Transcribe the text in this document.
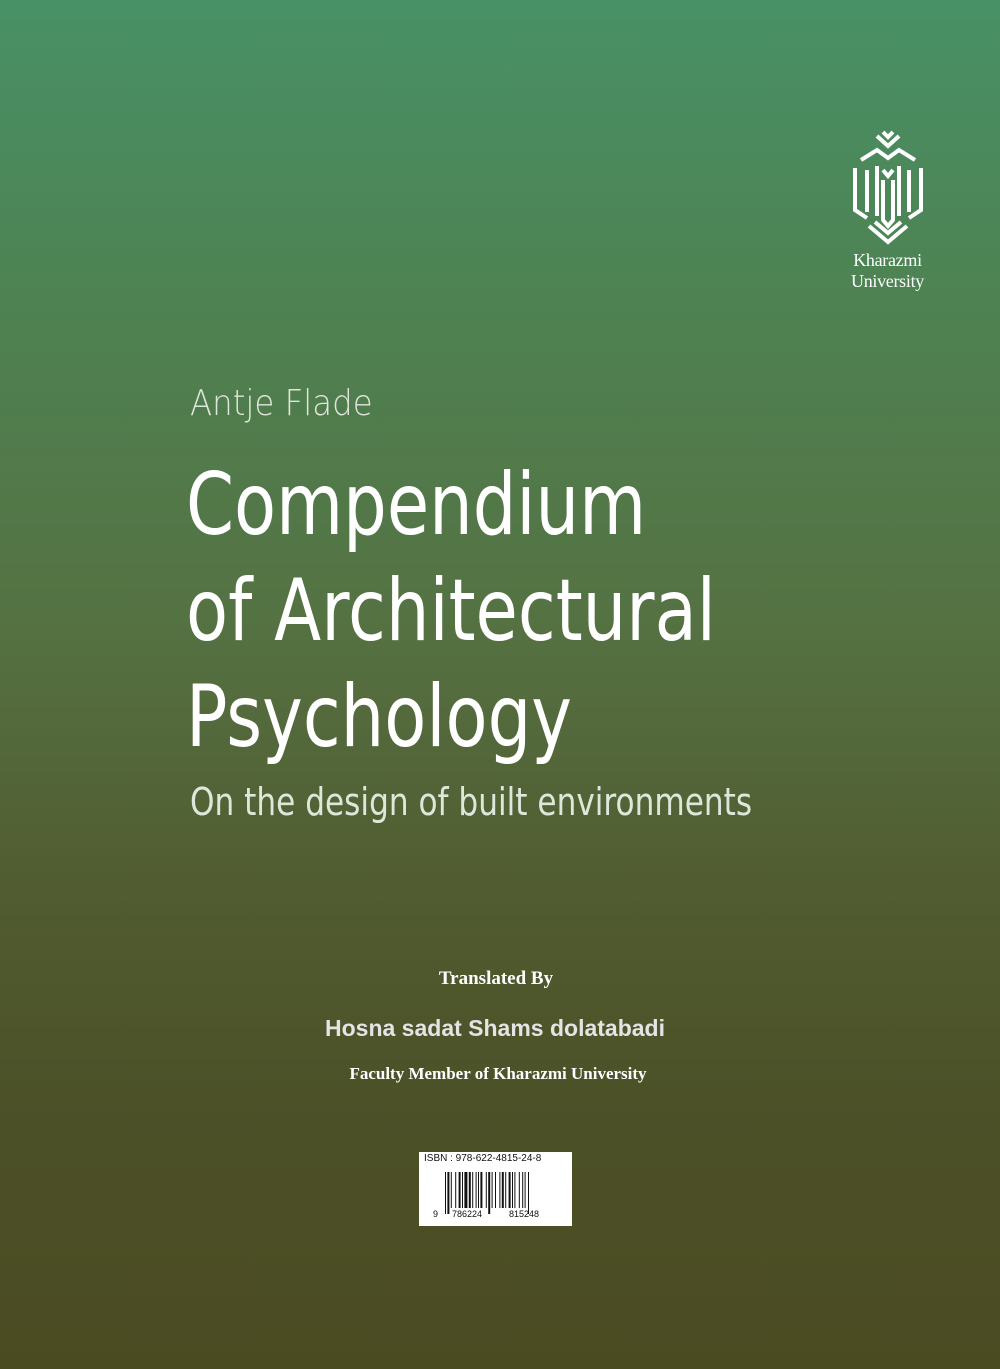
Kharazmi University
Antje Flade
Compendium
of Architectural
Psychology
On the design of built environments
Translated By
Hosna sadat Shams dolatabadi
Faculty Member of Kharazmi University
ISBN : 978-622-4815-24-8
9 786224	815248
